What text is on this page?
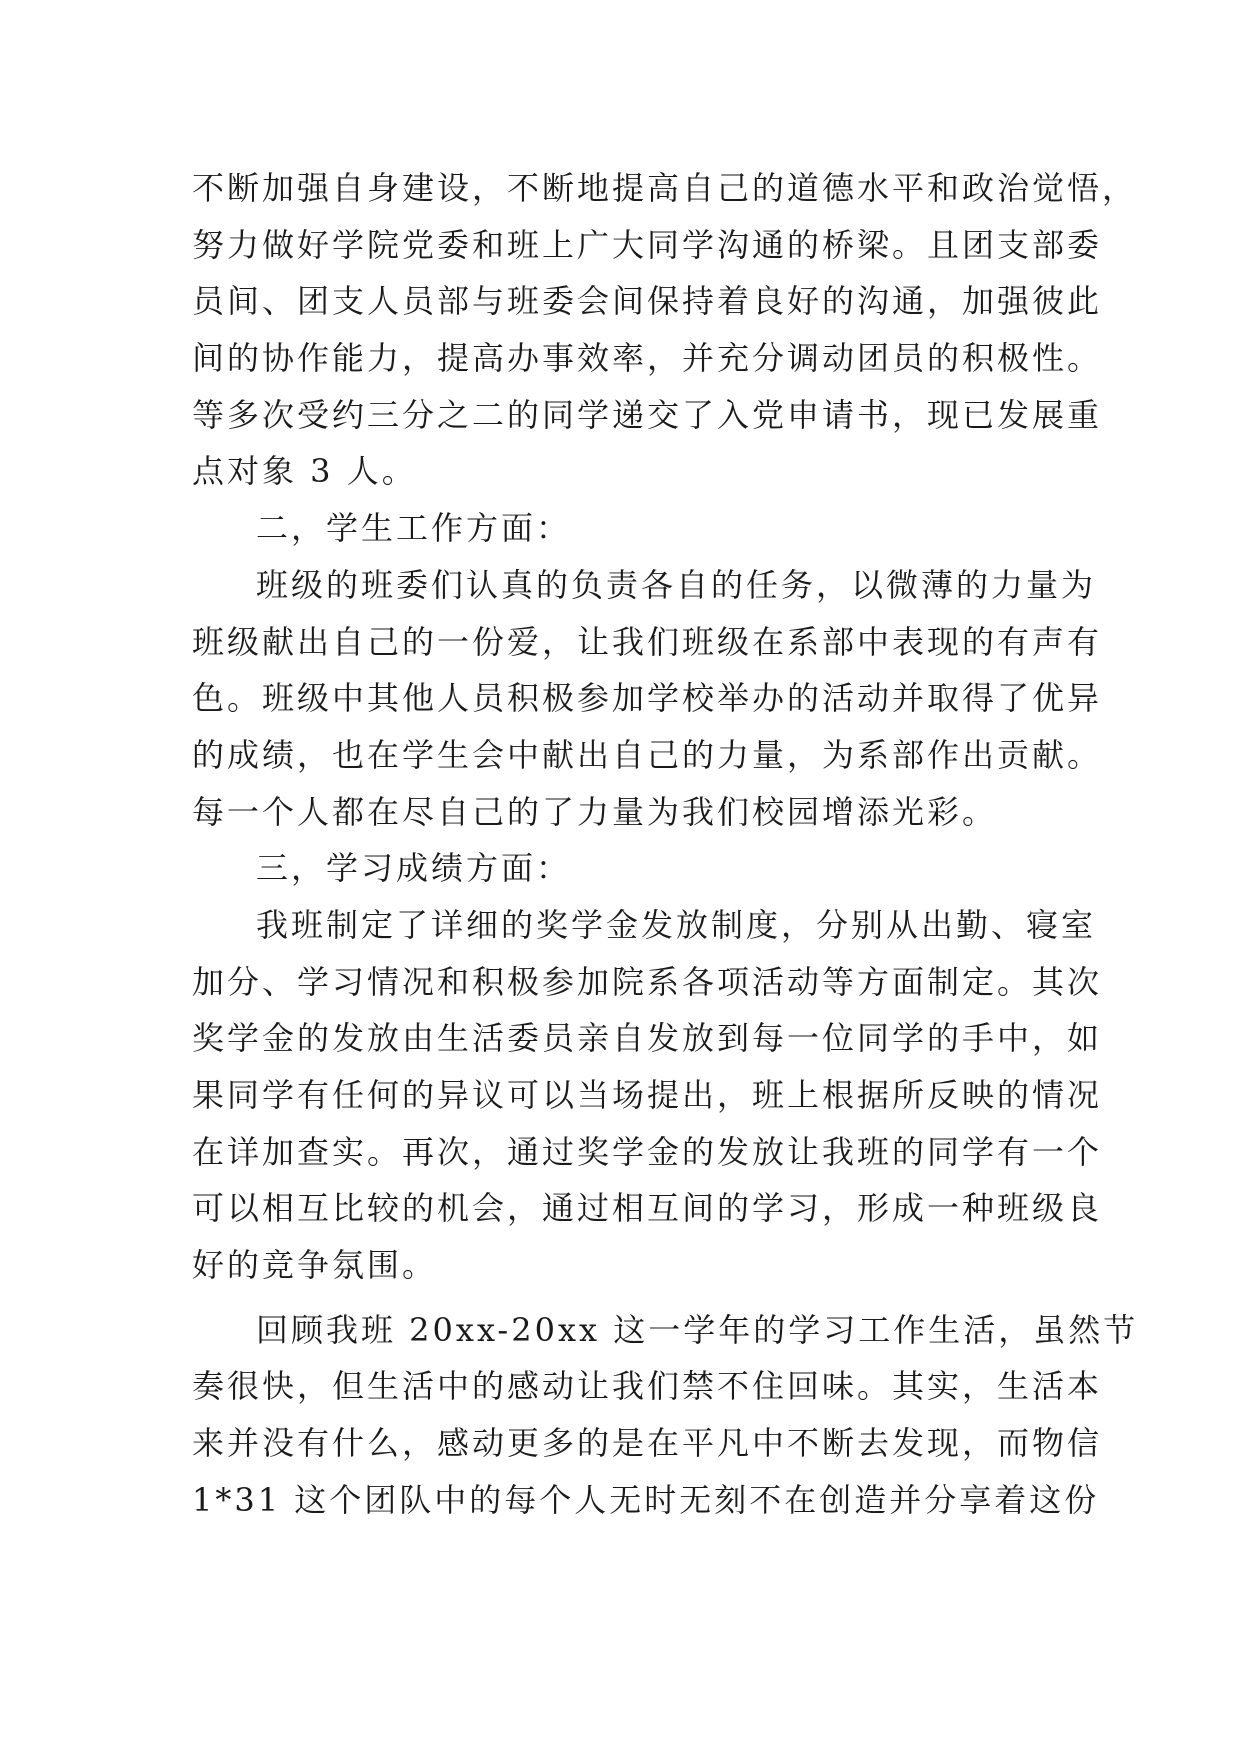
不断加强自身建设，不断地提高自己的道德水平和政治觉悟，

努力做好学院党委和班上广大同学沟通的桥梁。且团支部委

员间、团支人员部与班委会间保持着良好的沟通，加强彼此

间的协作能力，提高办事效率，并充分调动团员的积极性。

等多次受约三分之二的同学递交了入党申请书，现已发展重

点对象 3 人。

二，学生工作方面：

班级的班委们认真的负责各自的任务，以微薄的力量为

班级献出自己的一份爱，让我们班级在系部中表现的有声有

色。班级中其他人员积极参加学校举办的活动并取得了优异

的成绩，也在学生会中献出自己的力量，为系部作出贡献。

每一个人都在尽自己的了力量为我们校园增添光彩。

三，学习成绩方面：

我班制定了详细的奖学金发放制度，分别从出勤、寝室

加分、学习情况和积极参加院系各项活动等方面制定。其次

奖学金的发放由生活委员亲自发放到每一位同学的手中，如

果同学有任何的异议可以当场提出，班上根据所反映的情况

在详加查实。再次，通过奖学金的发放让我班的同学有一个

可以相互比较的机会，通过相互间的学习，形成一种班级良

好的竞争氛围。

回顾我班 20xx-20xx 这一学年的学习工作生活，虽然节

奏很快，但生活中的感动让我们禁不住回味。其实，生活本

来并没有什么，感动更多的是在平凡中不断去发现，而物信

1*31 这个团队中的每个人无时无刻不在创造并分享着这份
